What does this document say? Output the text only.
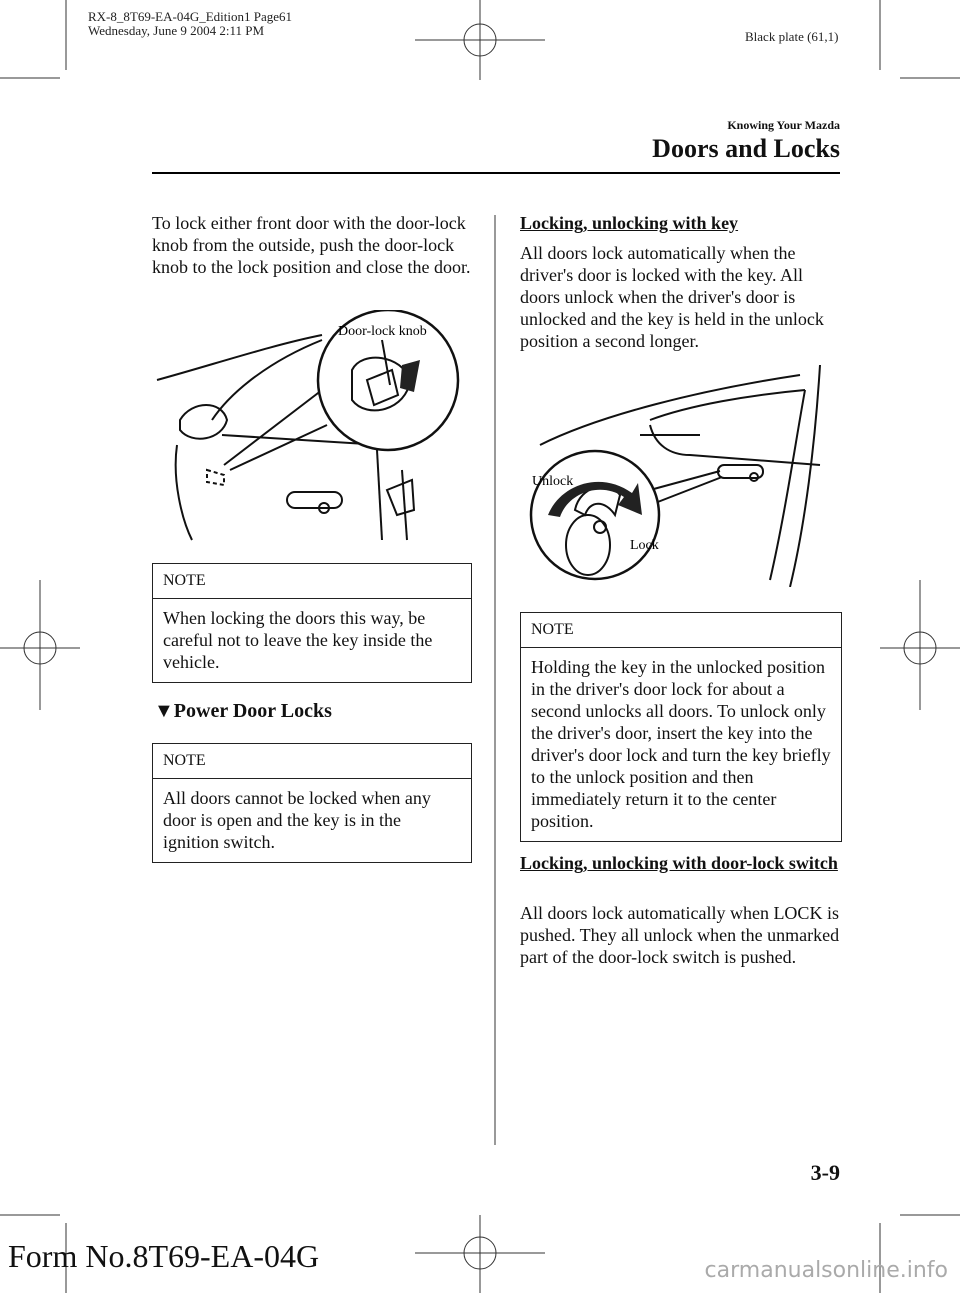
RX-8_8T69-EA-04G_Edition1 Page61
Wednesday, June 9 2004 2:11 PM	Black plate (61,1)
Knowing Your Mazda
Doors and Locks
To lock either front door with the door-lock knob from the outside, push the door-lock knob to the lock position and close the door.
Door-lock knob
NOTE
When locking the doors this way, be careful not to leave the key inside the vehicle.
▼Power Door Locks
NOTE
All doors cannot be locked when any door is open and the key is in the ignition switch.
Locking, unlocking with key
All doors lock automatically when the driver's door is locked with the key. All doors unlock when the driver's door is unlocked and the key is held in the unlock position a second longer.
Unlock
Lock
NOTE
Holding the key in the unlocked position in the driver's door lock for about a second unlocks all doors. To unlock only the driver's door, insert the key into the driver's door lock and turn the key briefly to the unlock position and then immediately return it to the center position.
Locking, unlocking with door-lock switch
All doors lock automatically when LOCK is pushed. They all unlock when the unmarked part of the door-lock switch is pushed.
3-9
Form No.8T69-EA-04G	carmanualsonline.info
